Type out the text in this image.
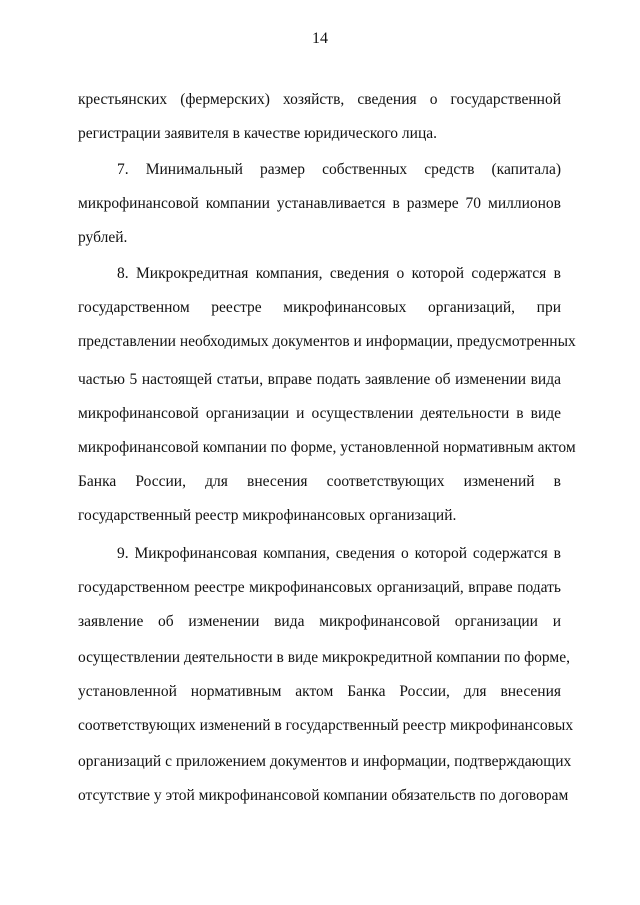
14
крестьянских (фермерских) хозяйств, сведения о государственной
регистрации заявителя в качестве юридического лица.
7. Минимальный размер собственных средств (капитала)
микрофинансовой компании устанавливается в размере 70 миллионов
рублей.
8. Микрокредитная компания, сведения о которой содержатся в
государственном реестре микрофинансовых организаций, при
представлении необходимых документов и информации, предусмотренных
частью 5 настоящей статьи, вправе подать заявление об изменении вида
микрофинансовой организации и осуществлении деятельности в виде
микрофинансовой компании по форме, установленной нормативным актом
Банка России, для внесения соответствующих изменений в
государственный реестр микрофинансовых организаций.
9. Микрофинансовая компания, сведения о которой содержатся в
государственном реестре микрофинансовых организаций, вправе подать
заявление об изменении вида микрофинансовой организации и
осуществлении деятельности в виде микрокредитной компании по форме,
установленной нормативным актом Банка России, для внесения
соответствующих изменений в государственный реестр микрофинансовых
организаций с приложением документов и информации, подтверждающих
отсутствие у этой микрофинансовой компании обязательств по договорам
